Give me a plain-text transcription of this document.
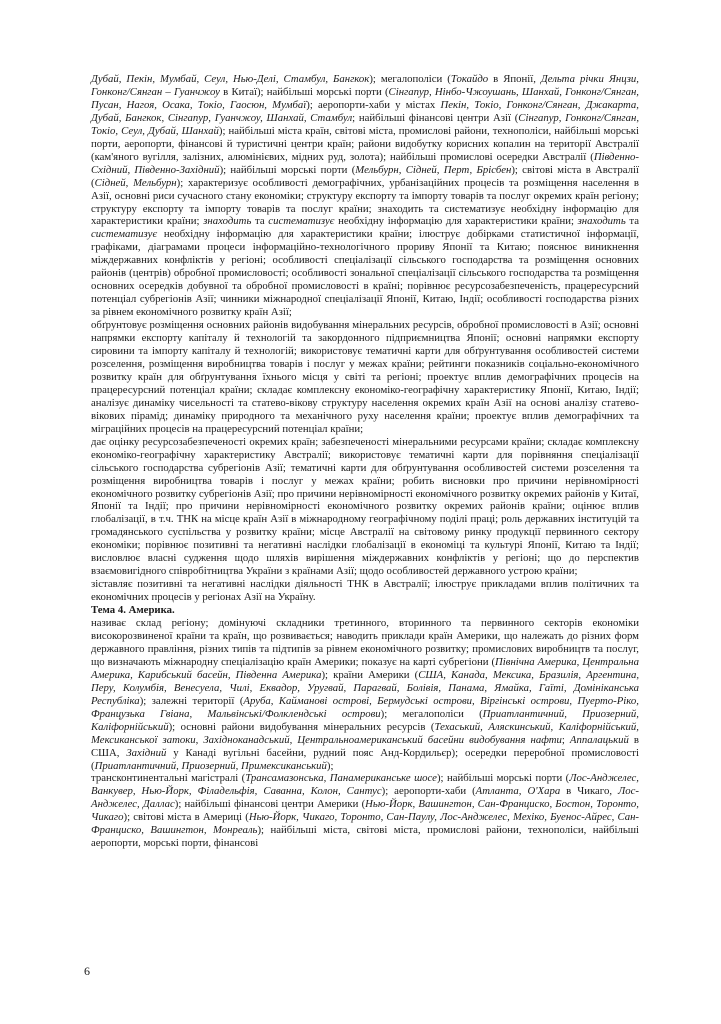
Дубай, Пекін, Мумбай, Сеул, Нью-Делі, Стамбул, Бангкок); мегалополіси (Токайдо в Японії, Дельта річки Янцзи, Гонконг/Сянган – Гуанчжоу в Китаї); найбільші морські порти (Сінгапур, Нінбо-Чжоушань, Шанхай, Гонконг/Сянган, Пусан, Нагоя, Осака, Токіо, Гаосюн, Мумбаї); аеропорти-хаби у містах Пекін, Токіо, Гонконг/Сянган, Джакарта, Дубай, Бангкок, Сінгапур, Гуанчжоу, Шанхай, Стамбул; найбільші фінансові центри Азії (Сінгапур, Гонконг/Сянган, Токіо, Сеул, Дубай, Шанхай); найбільші міста країн, світові міста, промислові райони, технополіси, найбільші морські порти, аеропорти, фінансові й туристичні центри країн; райони видобутку корисних копалин на території Австралії (кам'яного вугілля, залізних, алюмінієвих, мідних руд, золота); найбільші промислові осередки Австралії (Південно-Східний, Південно-Західний); найбільші морські порти (Мельбурн, Сідней, Перт, Брісбен); світові міста в Австралії (Сідней, Мельбурн); характеризує особливості демографічних, урбанізаційних процесів та розміщення населення в Азії, основні риси сучасного стану економіки; структуру експорту та імпорту товарів та послуг окремих країн регіону; структуру експорту та імпорту товарів та послуг країни; знаходить та систематизує необхідну інформацію для характеристики країни; знаходить та систематизує необхідну інформацію для характеристики країни; знаходить та систематизує необхідну інформацію для характеристики країни; ілюструє добірками статистичної інформації, графіками, діаграмами процеси інформаційно-технологічного прориву Японії та Китаю; пояснює виникнення міждержавних конфліктів у регіоні; особливості спеціалізації сільського господарства та розміщення основних районів (центрів) обробної промисловості; особливості зональної спеціалізації сільського господарства та розміщення основних осередків добувної та обробної промисловості в країні; порівнює ресурсозабезпеченість, працересурсний потенціал субрегіонів Азії; чинники міжнародної спеціалізації Японії, Китаю, Індії; особливості господарства різних за рівнем економічного розвитку країн Азії;

обґрунтовує розміщення основних районів видобування мінеральних ресурсів, обробної промисловості в Азії; основні напрямки експорту капіталу й технологій та закордонного підприємництва Японії; основні напрямки експорту сировини та імпорту капіталу й технологій; використовує тематичні карти для обґрунтування особливостей системи розселення, розміщення виробництва товарів і послуг у межах країни; рейтинги показників соціально-економічного розвитку країн для обґрунтування їхнього місця у світі та регіоні; проектує вплив демографічних процесів на працересурсний потенціал країни; складає комплексну економіко-географічну характеристику Японії, Китаю, Індії; аналізує динаміку чисельності та статево-вікову структуру населення окремих країн Азії на основі аналізу статево-вікових пірамід; динаміку природного та механічного руху населення країни; проектує вплив демографічних та міграційних процесів на працересурсний потенціал країни;

дає оцінку ресурсозабезпеченості окремих країн; забезпеченості мінеральними ресурсами країни; складає комплексну економіко-географічну характеристику Австралії; використовує тематичні карти для порівняння спеціалізації сільського господарства субрегіонів Азії; тематичні карти для обґрунтування особливостей системи розселення та розміщення виробництва товарів і послуг у межах країни; робить висновки про причини нерівномірності економічного розвитку субрегіонів Азії; про причини нерівномірності економічного розвитку окремих районів у Китаї, Японії та Індії; про причини нерівномірності економічного розвитку окремих районів країни; оцінює вплив глобалізації, в т.ч. ТНК на місце країн Азії в міжнародному географічному поділі праці; роль державних інституцій та громадянського суспільства у розвитку країни; місце Австралії на світовому ринку продукції первинного сектору економіки; порівнює позитивні та негативні наслідки глобалізації в економіці та культурі Японії, Китаю та Індії; висловлює власні судження щодо шляхів вирішення міждержавних конфліктів у регіоні; що до перспектив взаємовигідного співробітництва України з країнами Азії; щодо особливостей державного устрою країни;

зіставляє позитивні та негативні наслідки діяльності ТНК в Австралії; ілюструє прикладами вплив політичних та економічних процесів у регіонах Азії на Україну.

Тема 4. Америка.

називає склад регіону; домінуючі складники третинного, вторинного та первинного секторів економіки високорозвиненої країни та країн, що розвивається; наводить приклади країн Америки, що належать до різних форм державного правління, різних типів та підтипів за рівнем економічного розвитку; промислових виробництв та послуг, що визначають міжнародну спеціалізацію країн Америки; показує на карті субрегіони (Північна Америка, Центральна Америка, Карибський басейн, Південна Америка); країни Америки (США, Канада, Мексика, Бразилія, Аргентина, Перу, Колумбія, Венесуела, Чилі, Еквадор, Уругвай, Парагвай, Болівія, Панама, Ямайка, Гаїті, Домініканська Республіка); залежні території (Аруба, Кайманові острові, Бермудські острови, Віргінські острови, Пуерто-Ріко, Французька Гвіана, Мальвінські/Фолклендські острови); мегалополіси (Приатлантичний, Приозерний, Каліфорнійський); основні райони видобування мінеральних ресурсів (Техаський, Аляскинський, Каліфорнійський, Мексиканської затоки, Західноканадський, Центральноамериканський басейни видобування нафти; Аппалацький в США, Західний у Канаді вугільні басейни, рудний пояс Анд-Кордильєр); осередки переробної промисловості (Приатлантичний, Приозерний, Примексиканський);

трансконтинентальні магістралі (Трансамазонська, Панамериканське шосе); найбільші морські порти (Лос-Анджелес, Ванкувер, Нью-Йорк, Філадельфія, Саванна, Колон, Сантус); аеропорти-хаби (Атланта, О'Хара в Чикаго, Лос-Анджелес, Даллас); найбільші фінансові центри Америки (Нью-Йорк, Вашингтон, Сан-Франциско, Бостон, Торонто, Чикаго); світові міста в Америці (Нью-Йорк, Чикаго, Торонто, Сан-Паулу, Лос-Анджелес, Мехіко, Буенос-Айрес, Сан-Франциско, Вашингтон, Монреаль); найбільші міста, світові міста, промислові райони, технополіси, найбільші аеропорти, морські порти, фінансові

6
